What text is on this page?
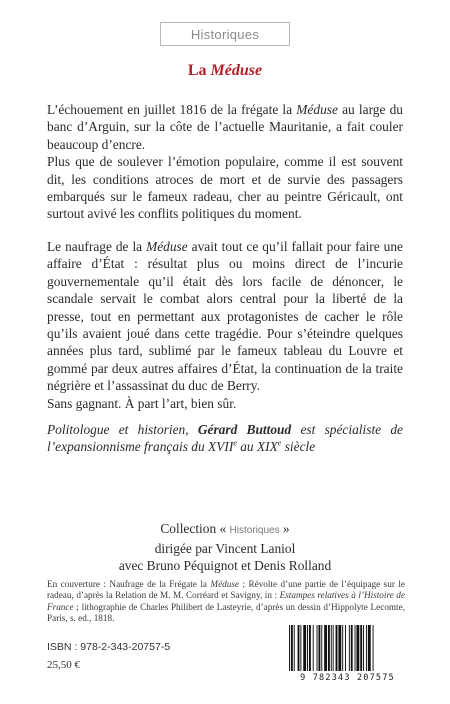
Historiques
La Méduse

L’échouement en juillet 1816 de la frégate la Méduse au large du banc d’Arguin, sur la côte de l’actuelle Mauritanie, a fait couler beaucoup d’encre.

Plus que de soulever l’émotion populaire, comme il est souvent dit, les conditions atroces de mort et de survie des passagers embarqués sur le fameux radeau, cher au peintre Géricault, ont surtout avivé les conflits politiques du moment.

Le naufrage de la Méduse avait tout ce qu’il fallait pour faire une affaire d’État : résultat plus ou moins direct de l’incurie gouvernementale qu’il était dès lors facile de dénoncer, le scandale servait le combat alors central pour la liberté de la presse, tout en permettant aux protagonistes de cacher le rôle qu’ils avaient joué dans cette tragédie. Pour s’éteindre quelques années plus tard, sublimé par le fameux tableau du Louvre et gommé par deux autres affaires d’État, la continuation de la traite négrière et l’assassinat du duc de Berry.

Sans gagnant. À part l’art, bien sûr.

Politologue et historien, Gérard Buttoud est spécialiste de l’expansionnisme français du XVIIe au XIXe siècle
Collection « Historiques »
dirigée par Vincent Laniol
avec Bruno Péquignot et Denis Rolland
En couverture : Naufrage de la Frégate la Méduse ; Révolte d’une partie de l’équipage sur le radeau, d’après la Relation de M. M. Corréard et Savigny, in : Estampes relatives à l’Histoire de France ; lithographie de Charles Philibert de Lasteyrie, d’après un dessin d’Hippolyte Lecomte, Paris, s. ed., 1818.
ISBN : 978-2-343-20757-5
25,50 €
9 782343 207575
